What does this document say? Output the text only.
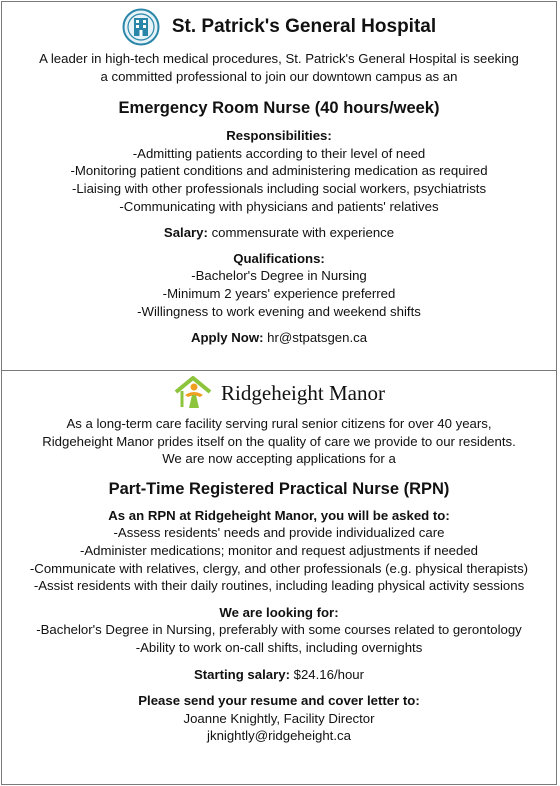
St. Patrick's General Hospital
A leader in high-tech medical procedures, St. Patrick's General Hospital is seeking
a committed professional to join our downtown campus as an
Emergency Room Nurse (40 hours/week)
Responsibilities:
-Admitting patients according to their level of need
-Monitoring patient conditions and administering medication as required
-Liaising with other professionals including social workers, psychiatrists
-Communicating with physicians and patients' relatives
Salary: commensurate with experience
Qualifications:
-Bachelor's Degree in Nursing
-Minimum 2 years' experience preferred
-Willingness to work evening and weekend shifts
Apply Now: hr@stpatsgen.ca
Ridgeheight Manor
As a long-term care facility serving rural senior citizens for over 40 years,
Ridgeheight Manor prides itself on the quality of care we provide to our residents.
We are now accepting applications for a
Part-Time Registered Practical Nurse (RPN)
As an RPN at Ridgeheight Manor, you will be asked to:
-Assess residents' needs and provide individualized care
-Administer medications; monitor and request adjustments if needed
-Communicate with relatives, clergy, and other professionals (e.g. physical therapists)
-Assist residents with their daily routines, including leading physical activity sessions
We are looking for:
-Bachelor's Degree in Nursing, preferably with some courses related to gerontology
-Ability to work on-call shifts, including overnights
Starting salary: $24.16/hour
Please send your resume and cover letter to:
Joanne Knightly, Facility Director
jknightly@ridgeheight.ca
